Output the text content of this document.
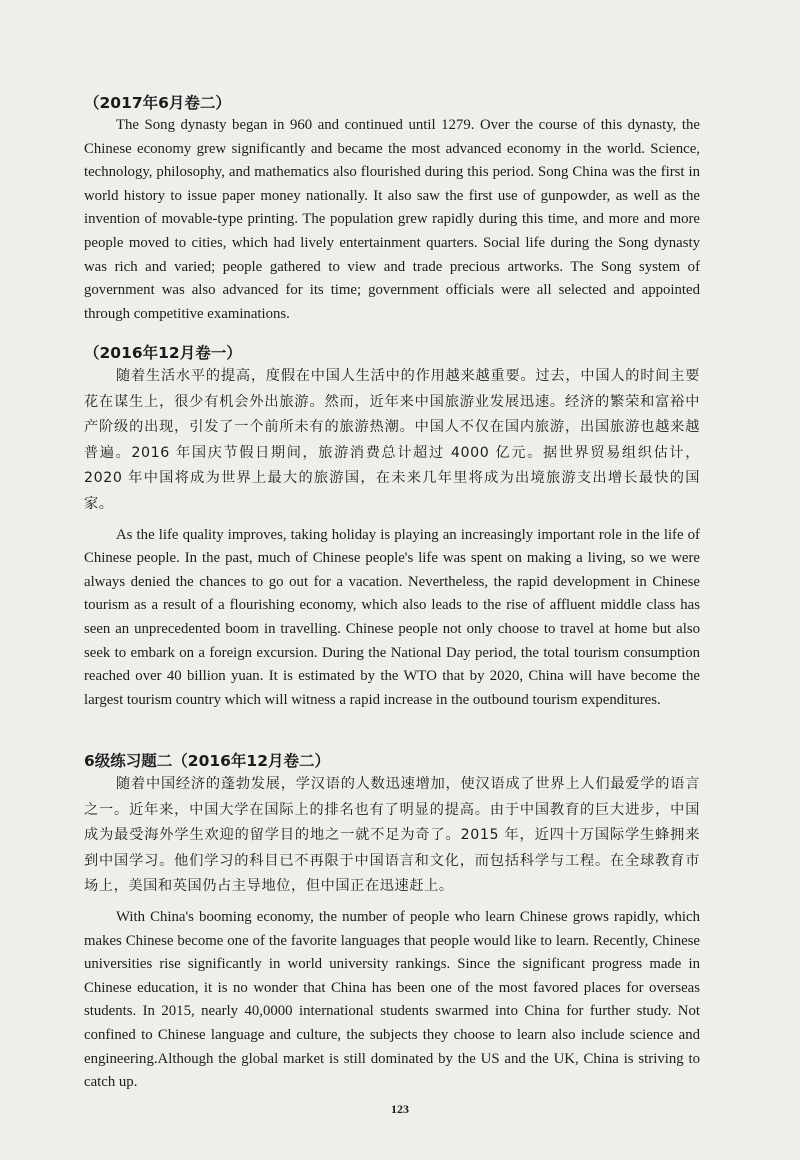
（2017年6月卷二）

The Song dynasty began in 960 and continued until 1279. Over the course of this dynasty, the Chinese economy grew significantly and became the most advanced economy in the world. Science, technology, philosophy, and mathematics also flourished during this period. Song China was the first in world history to issue paper money nationally. It also saw the first use of gunpowder, as well as the invention of movable-type printing. The population grew rapidly during this time, and more and more people moved to cities, which had lively entertainment quarters. Social life during the Song dynasty was rich and varied; people gathered to view and trade precious artworks. The Song system of government was also advanced for its time; government officials were all selected and appointed through competitive examinations.

（2016年12月卷一）

随着生活水平的提高，度假在中国人生活中的作用越来越重要。过去，中国人的时间主要花在谋生上，很少有机会外出旅游。然而，近年来中国旅游业发展迅速。经济的繁荣和富裕中产阶级的出现，引发了一个前所未有的旅游热潮。中国人不仅在国内旅游，出国旅游也越来越普遍。2016 年国庆节假日期间，旅游消费总计超过 4000 亿元。据世界贸易组织估计，2020 年中国将成为世界上最大的旅游国，在未来几年里将成为出境旅游支出增长最快的国家。

As the life quality improves, taking holiday is playing an increasingly important role in the life of Chinese people. In the past, much of Chinese people's life was spent on making a living, so we were always denied the chances to go out for a vacation. Nevertheless, the rapid development in Chinese tourism as a result of a flourishing economy, which also leads to the rise of affluent middle class has seen an unprecedented boom in travelling. Chinese people not only choose to travel at home but also seek to embark on a foreign excursion. During the National Day period, the total tourism consumption reached over 40 billion yuan. It is estimated by the WTO that by 2020, China will have become the largest tourism country which will witness a rapid increase in the outbound tourism expenditures.

6级练习题二（2016年12月卷二）

随着中国经济的蓬勃发展，学汉语的人数迅速增加，使汉语成了世界上人们最爱学的语言之一。近年来，中国大学在国际上的排名也有了明显的提高。由于中国教育的巨大进步，中国成为最受海外学生欢迎的留学目的地之一就不足为奇了。2015 年，近四十万国际学生蜂拥来到中国学习。他们学习的科目已不再限于中国语言和文化，而包括科学与工程。在全球教育市场上，美国和英国仍占主导地位，但中国正在迅速赶上。

With China's booming economy, the number of people who learn Chinese grows rapidly, which makes Chinese become one of the favorite languages that people would like to learn. Recently, Chinese universities rise significantly in world university rankings. Since the significant progress made in Chinese education, it is no wonder that China has been one of the most favored places for overseas students. In 2015, nearly 40,0000 international students swarmed into China for further study. Not confined to Chinese language and culture, the subjects they choose to learn also include science and engineering.Although the global market is still dominated by the US and the UK, China is striving to catch up.

123
